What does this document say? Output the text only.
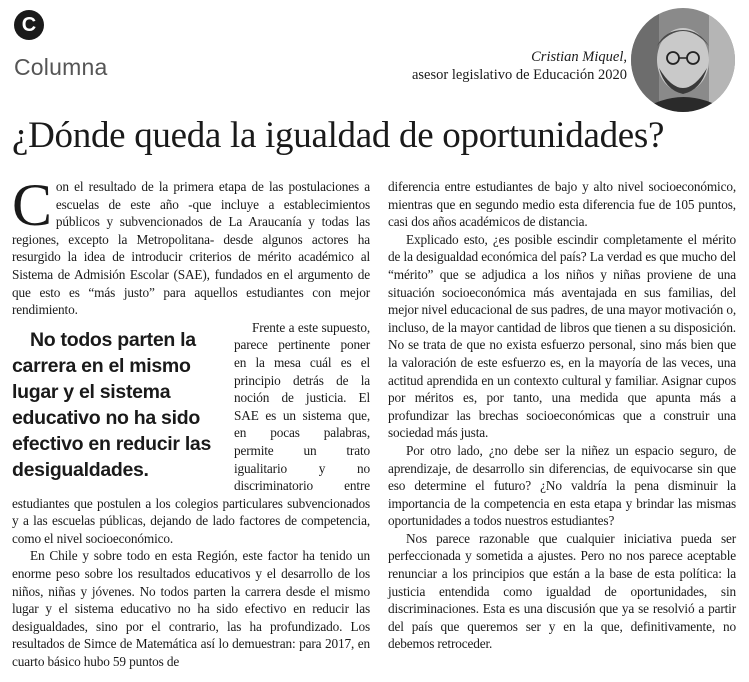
C
Columna	Cristian Miquel,
asesor legislativo de Educación 2020
¿Dónde queda la igualdad de oportunidades?

Con el resultado de la primera etapa de las postulaciones a escuelas de este año -que incluye a establecimientos públicos y subvencionados de La Araucanía y todas las regiones, excepto la Metropolitana- desde algunos actores ha resurgido la idea de introducir criterios de mérito académico al Sistema de Admisión Escolar (SAE), fundados en el argumento de que esto es “más justo” para aquellos estudiantes con mejor rendimiento.

No todos parten la carrera en el mismo lugar y el sistema educativo no ha sido efectivo en reducir las desigualdades.
Frente a este supuesto, parece pertinente poner en la mesa cuál es el principio detrás de la noción de justicia. El SAE es un sistema que, en pocas palabras, permite un trato igualitario y no discriminatorio entre estudiantes que postulen a los colegios particulares subvencionados y a las escuelas públicas, dejando de lado factores de competencia, como el nivel socioeconómico.

En Chile y sobre todo en esta Región, este factor ha tenido un enorme peso sobre los resultados educativos y el desarrollo de los niños, niñas y jóvenes. No todos parten la carrera desde el mismo lugar y el sistema educativo no ha sido efectivo en reducir las desigualdades, sino por el contrario, las ha profundizado. Los resultados de Simce de Matemática así lo demuestran: para 2017, en cuarto básico hubo 59 puntos de

diferencia entre estudiantes de bajo y alto nivel socioeconómico, mientras que en segundo medio esta diferencia fue de 105 puntos, casi dos años académicos de distancia.

Explicado esto, ¿es posible escindir completamente el mérito de la desigualdad económica del país? La verdad es que mucho del “mérito” que se adjudica a los niños y niñas proviene de una situación socioeconómica más aventajada en sus familias, del mejor nivel educacional de sus padres, de una mayor motivación o, incluso, de la mayor cantidad de libros que tienen a su disposición. No se trata de que no exista esfuerzo personal, sino más bien que la valoración de este esfuerzo es, en la mayoría de las veces, una actitud aprendida en un contexto cultural y familiar. Asignar cupos por méritos es, por tanto, una medida que apunta más a profundizar las brechas socioeconómicas que a construir una sociedad más justa.

Por otro lado, ¿no debe ser la niñez un espacio seguro, de aprendizaje, de desarrollo sin diferencias, de equivocarse sin que eso determine el futuro? ¿No valdría la pena disminuir la importancia de la competencia en esta etapa y brindar las mismas oportunidades a todos nuestros estudiantes?

Nos parece razonable que cualquier iniciativa pueda ser perfeccionada y sometida a ajustes. Pero no nos parece aceptable renunciar a los principios que están a la base de esta política: la justicia entendida como igualdad de oportunidades, sin discriminaciones. Esta es una discusión que ya se resolvió a partir del país que queremos ser y en la que, definitivamente, no debemos retroceder.
